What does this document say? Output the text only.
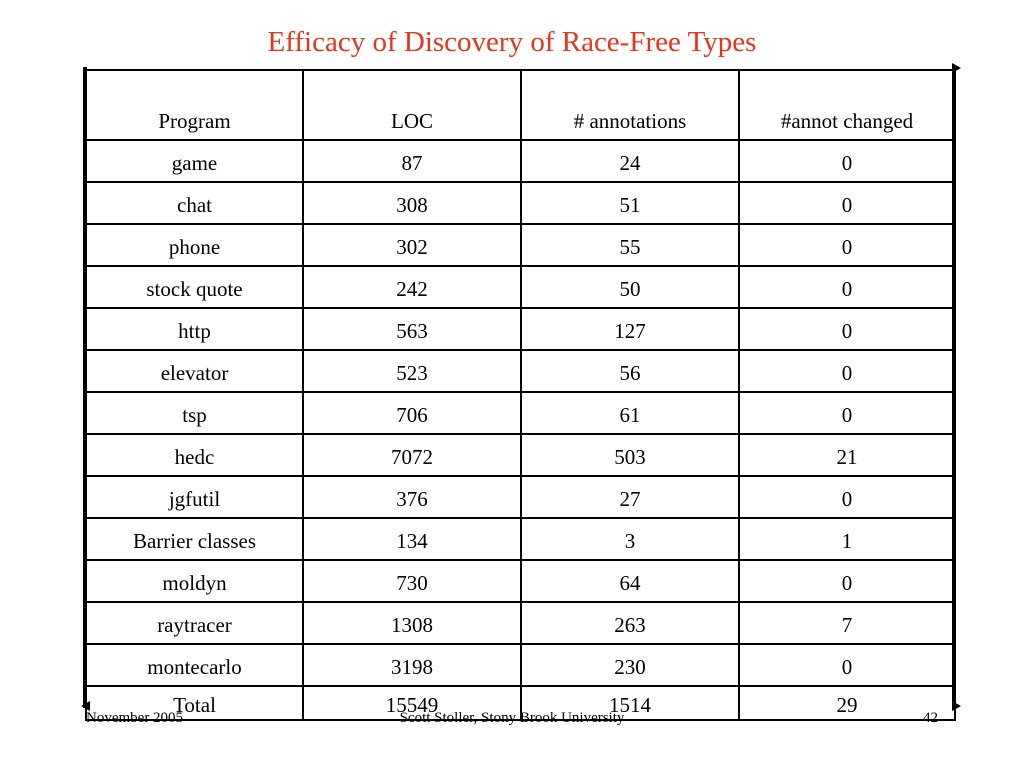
Efficacy of Discovery of Race-Free Types
Program	LOC	# annotations	#annot changed
game	87	24	0
chat	308	51	0
phone	302	55	0
stock quote	242	50	0
http	563	127	0
elevator	523	56	0
tsp	706	61	0
hedc	7072	503	21
jgfutil	376	27	0
Barrier classes	134	3	1
moldyn	730	64	0
raytracer	1308	263	7
montecarlo	3198	230	0
Total	15549	1514	29
November 2005	Scott Stoller, Stony Brook University	42
